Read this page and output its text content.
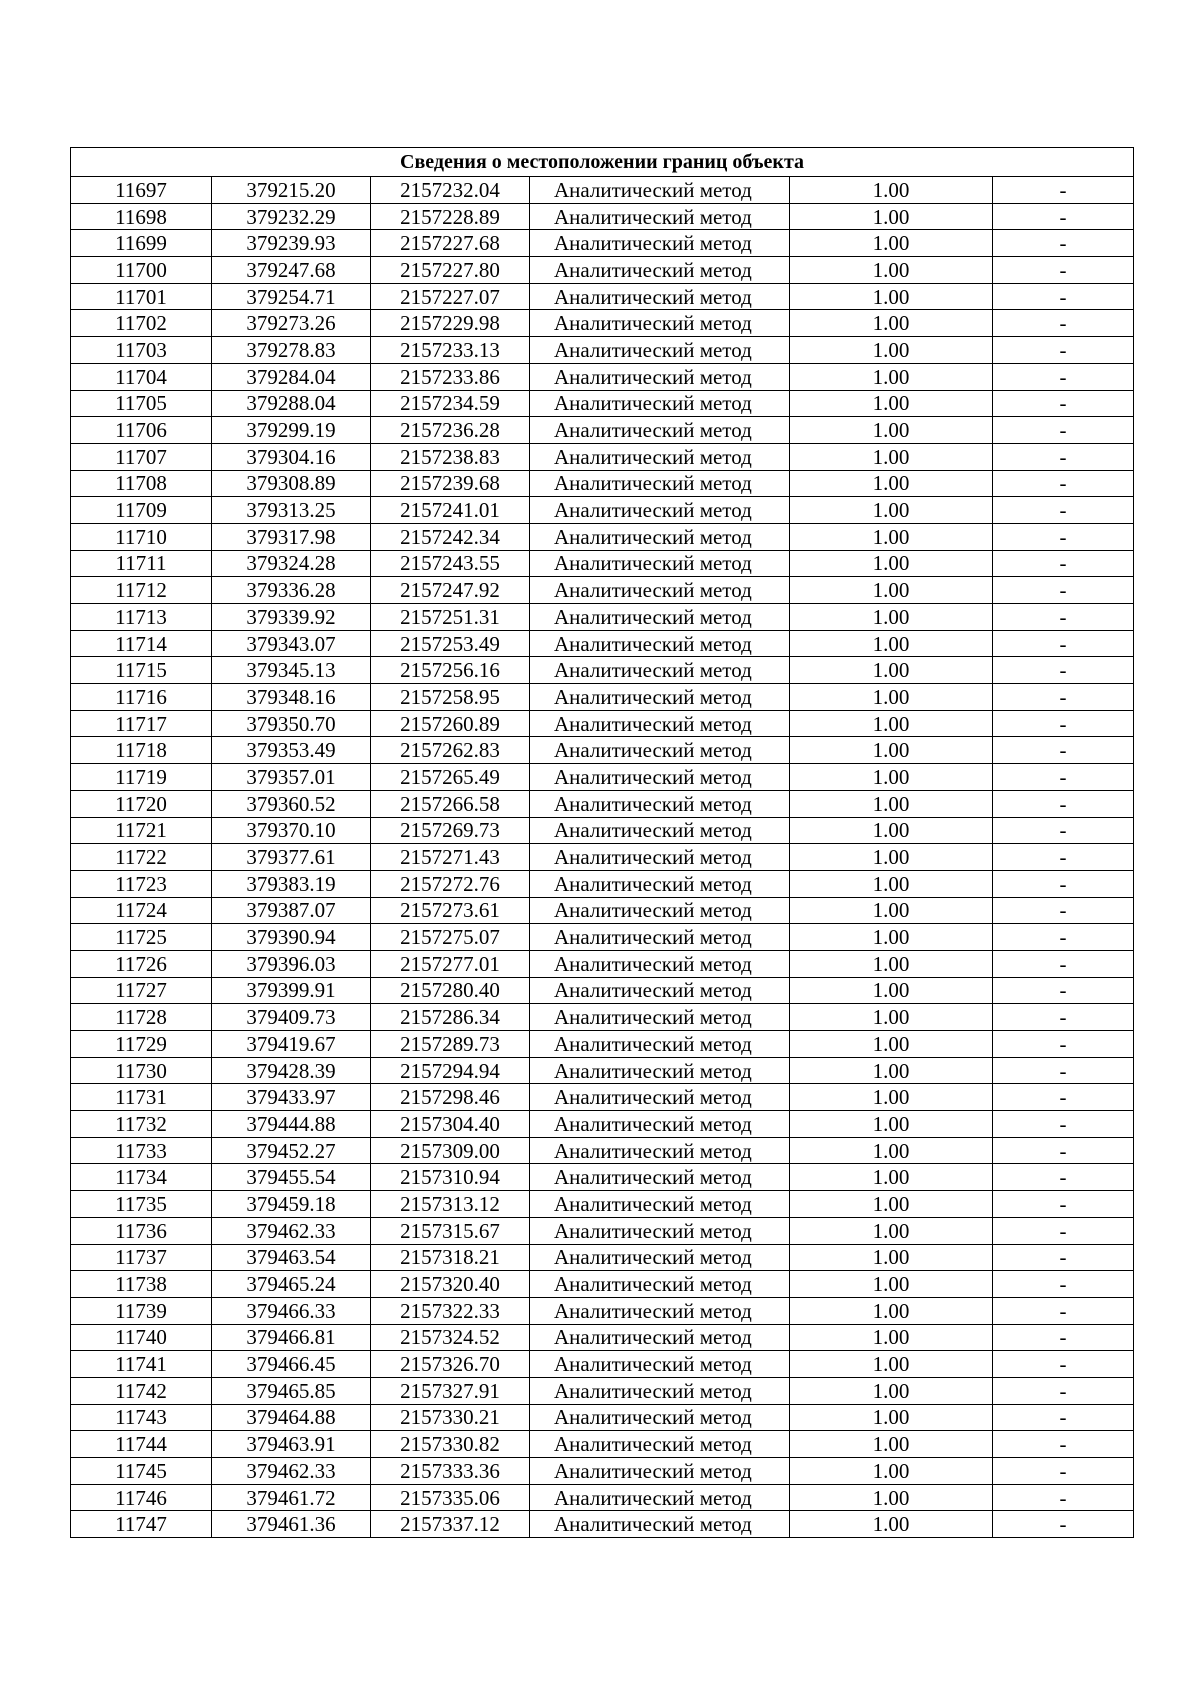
Сведения о местоположении границ объекта					
11697	379215.20	2157232.04	Аналитический метод	1.00	-
11698	379232.29	2157228.89	Аналитический метод	1.00	-
11699	379239.93	2157227.68	Аналитический метод	1.00	-
11700	379247.68	2157227.80	Аналитический метод	1.00	-
11701	379254.71	2157227.07	Аналитический метод	1.00	-
11702	379273.26	2157229.98	Аналитический метод	1.00	-
11703	379278.83	2157233.13	Аналитический метод	1.00	-
11704	379284.04	2157233.86	Аналитический метод	1.00	-
11705	379288.04	2157234.59	Аналитический метод	1.00	-
11706	379299.19	2157236.28	Аналитический метод	1.00	-
11707	379304.16	2157238.83	Аналитический метод	1.00	-
11708	379308.89	2157239.68	Аналитический метод	1.00	-
11709	379313.25	2157241.01	Аналитический метод	1.00	-
11710	379317.98	2157242.34	Аналитический метод	1.00	-
11711	379324.28	2157243.55	Аналитический метод	1.00	-
11712	379336.28	2157247.92	Аналитический метод	1.00	-
11713	379339.92	2157251.31	Аналитический метод	1.00	-
11714	379343.07	2157253.49	Аналитический метод	1.00	-
11715	379345.13	2157256.16	Аналитический метод	1.00	-
11716	379348.16	2157258.95	Аналитический метод	1.00	-
11717	379350.70	2157260.89	Аналитический метод	1.00	-
11718	379353.49	2157262.83	Аналитический метод	1.00	-
11719	379357.01	2157265.49	Аналитический метод	1.00	-
11720	379360.52	2157266.58	Аналитический метод	1.00	-
11721	379370.10	2157269.73	Аналитический метод	1.00	-
11722	379377.61	2157271.43	Аналитический метод	1.00	-
11723	379383.19	2157272.76	Аналитический метод	1.00	-
11724	379387.07	2157273.61	Аналитический метод	1.00	-
11725	379390.94	2157275.07	Аналитический метод	1.00	-
11726	379396.03	2157277.01	Аналитический метод	1.00	-
11727	379399.91	2157280.40	Аналитический метод	1.00	-
11728	379409.73	2157286.34	Аналитический метод	1.00	-
11729	379419.67	2157289.73	Аналитический метод	1.00	-
11730	379428.39	2157294.94	Аналитический метод	1.00	-
11731	379433.97	2157298.46	Аналитический метод	1.00	-
11732	379444.88	2157304.40	Аналитический метод	1.00	-
11733	379452.27	2157309.00	Аналитический метод	1.00	-
11734	379455.54	2157310.94	Аналитический метод	1.00	-
11735	379459.18	2157313.12	Аналитический метод	1.00	-
11736	379462.33	2157315.67	Аналитический метод	1.00	-
11737	379463.54	2157318.21	Аналитический метод	1.00	-
11738	379465.24	2157320.40	Аналитический метод	1.00	-
11739	379466.33	2157322.33	Аналитический метод	1.00	-
11740	379466.81	2157324.52	Аналитический метод	1.00	-
11741	379466.45	2157326.70	Аналитический метод	1.00	-
11742	379465.85	2157327.91	Аналитический метод	1.00	-
11743	379464.88	2157330.21	Аналитический метод	1.00	-
11744	379463.91	2157330.82	Аналитический метод	1.00	-
11745	379462.33	2157333.36	Аналитический метод	1.00	-
11746	379461.72	2157335.06	Аналитический метод	1.00	-
11747	379461.36	2157337.12	Аналитический метод	1.00	-
